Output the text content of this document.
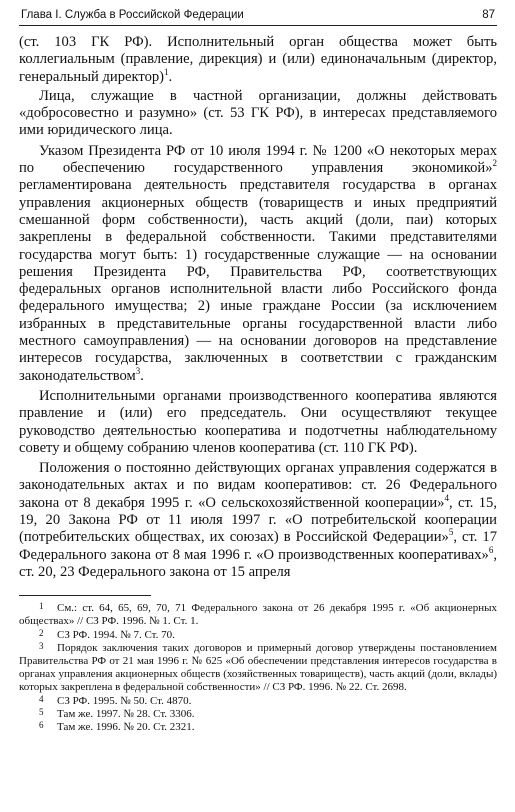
Глава I. Служба в Российской Федерации	87

(ст. 103 ГК РФ). Исполнительный орган общества может быть коллегиальным (правление, дирекция) и (или) единоначальным (директор, генеральный директор)$^1$.

Лица, служащие в частной организации, должны действовать «добросовестно и разумно» (ст. 53 ГК РФ), в интересах представляемого ими юридического лица.

Указом Президента РФ от 10 июля 1994 г. № 1200 «О некоторых мерах по обеспечению государственного управления экономикой»$^2$ регламентирована деятельность представителя государства в органах управления акционерных обществ (товариществ и иных предприятий смешанной форм собственности), часть акций (доли, паи) которых закреплены в федеральной собственности. Такими представителями государства могут быть: 1) государственные служащие — на основании решения Президента РФ, Правительства РФ, соответствующих федеральных органов исполнительной власти либо Российского фонда федерального имущества; 2) иные граждане России (за исключением избранных в представительные органы государственной власти либо местного самоуправления) — на основании договоров на представление интересов государства, заключенных в соответствии с гражданским законодательством$^3$.

Исполнительными органами производственного кооператива являются правление и (или) его председатель. Они осуществляют текущее руководство деятельностью кооператива и подотчетны наблюдательному совету и общему собранию членов кооператива (ст. 110 ГК РФ).

Положения о постоянно действующих органах управления содержатся в законодательных актах и по видам кооперативов: ст. 26 Федерального закона от 8 декабря 1995 г. «О сельскохозяйственной кооперации»$^4$, ст. 15, 19, 20 Закона РФ от 11 июля 1997 г. «О потребительской кооперации (потребительских обществах, их союзах) в Российской Федерации»$^5$, ст. 17 Федерального закона от 8 мая 1996 г. «О производственных кооперативах»$^6$, ст. 20, 23 Федерального закона от 15 апреля

1 См.: ст. 64, 65, 69, 70, 71 Федерального закона от 26 декабря 1995 г. «Об акционерных обществах» // СЗ РФ. 1996. № 1. Ст. 1.

2 СЗ РФ. 1994. № 7. Ст. 70.

3 Порядок заключения таких договоров и примерный договор утверждены постановлением Правительства РФ от 21 мая 1996 г. № 625 «Об обеспечении представления интересов государства в органах управления акционерных обществ (хозяйственных товариществ), часть акций (доли, вклады) которых закреплена в федеральной собственности» // СЗ РФ. 1996. № 22. Ст. 2698.

4 СЗ РФ. 1995. № 50. Ст. 4870.

5 Там же. 1997. № 28. Ст. 3306.

6 Там же. 1996. № 20. Ст. 2321.
